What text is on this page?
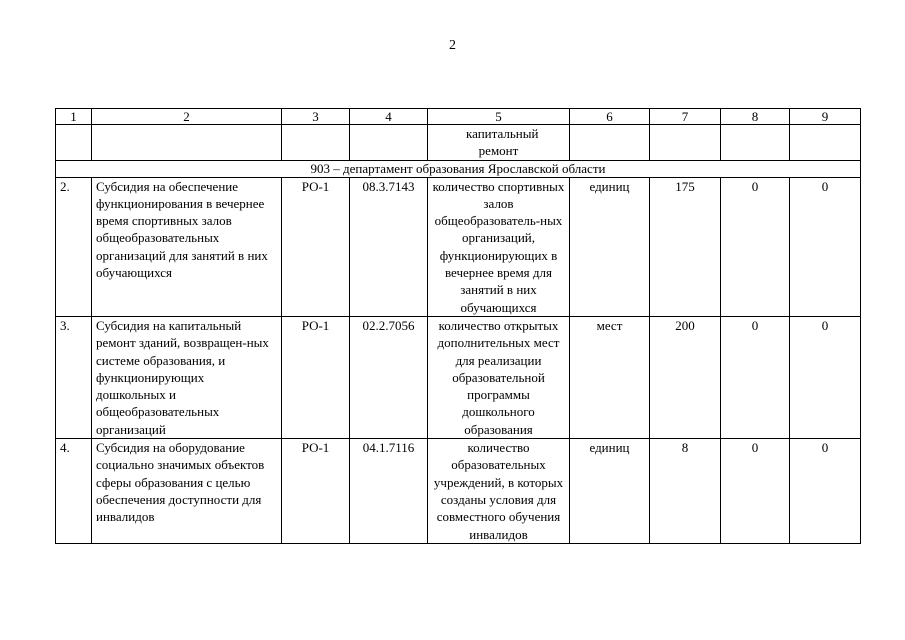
2
1	2	3	4	5	6	7	8	9
				капитальный ремонт				
903 – департамент образования Ярославской области								
2.	Субсидия на обеспечение функционирования в вечернее время спортивных залов общеобразовательных организаций для занятий в них обучающихся	РО-1	08.3.7143	количество спортивных залов общеобразователь-ных организаций, функционирующих в вечернее время для занятий в них обучающихся	единиц	175	0	0
3.	Субсидия на капитальный ремонт зданий, возвращен-ных системе образования, и функционирующих дошкольных и общеобразовательных организаций	РО-1	02.2.7056	количество открытых дополнительных мест для реализации образовательной программы дошкольного образования	мест	200	0	0
4.	Субсидия на оборудование социально значимых объектов сферы образования с целью обеспечения доступности для инвалидов	РО-1	04.1.7116	количество образовательных учреждений, в которых созданы условия для совместного обучения инвалидов	единиц	8	0	0
